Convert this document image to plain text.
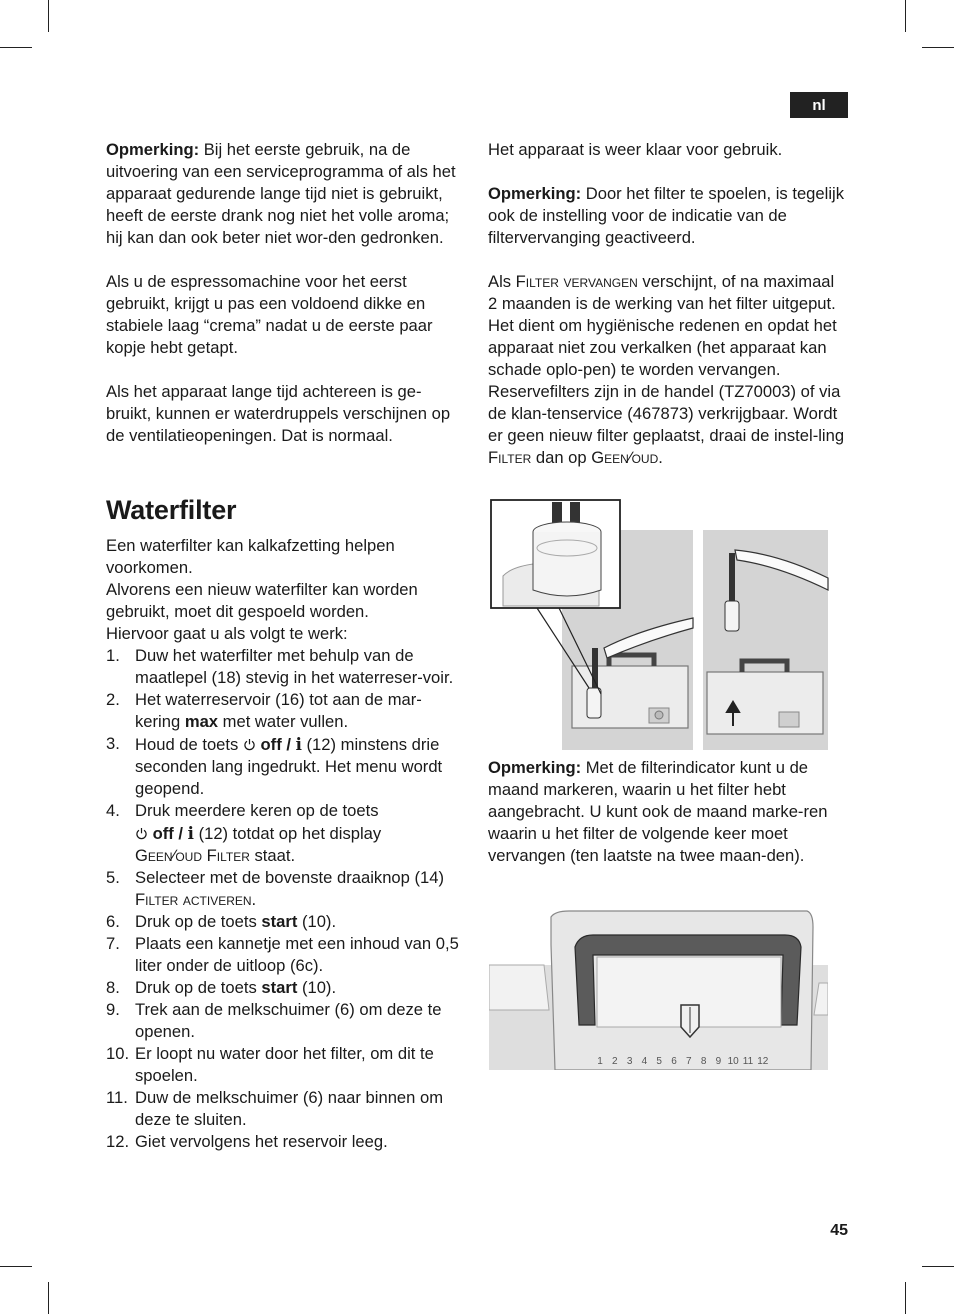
nl

Opmerking: Bij het eerste gebruik, na de uitvoering van een serviceprogramma of als het apparaat gedurende lange tijd niet is gebruikt, heeft de eerste drank nog niet het volle aroma; hij kan dan ook beter niet wor-den gedronken.

Als u de espressomachine voor het eerst gebruikt, krijgt u pas een voldoend dikke en stabiele laag “crema” nadat u de eerste paar kopje hebt getapt.

Als het apparaat lange tijd achtereen is ge-bruikt, kunnen er waterdruppels verschijnen op de ventilatieopeningen. Dat is normaal.

Waterfilter

Een waterfilter kan kalkafzetting helpen voorkomen.

Alvorens een nieuw waterfilter kan worden gebruikt, moet dit gespoeld worden.

Hiervoor gaat u als volgt te werk:

1. Duw het waterfilter met behulp van de maatlepel (18) stevig in het waterreser-voir.
2. Het waterreservoir (16) tot aan de mar-kering max met water vullen.
3. Houd de toets  off / i (12) minstens drie seconden lang ingedrukt. Het menu wordt geopend.
4. Druk meerdere keren op de toets
off / i (12) totdat op het display
Geen∕oud Filter staat.
5. Selecteer met de bovenste draaiknop (14) Filter activeren.
6. Druk op de toets start (10).
7. Plaats een kannetje met een inhoud van 0,5 liter onder de uitloop (6c).
8. Druk op de toets start (10).
9. Trek aan de melkschuimer (6) om deze te openen.
10. Er loopt nu water door het filter, om dit te spoelen.
11. Duw de melkschuimer (6) naar binnen om deze te sluiten.
12. Giet vervolgens het reservoir leeg.

Het apparaat is weer klaar voor gebruik.

Opmerking: Door het filter te spoelen, is tegelijk ook de instelling voor de indicatie van de filtervervanging geactiveerd.

Als Filter vervangen verschijnt, of na maximaal 2 maanden is de werking van het filter uitgeput. Het dient om hygiënische redenen en opdat het apparaat niet zou verkalken (het apparaat kan schade oplo-pen) te worden vervangen. Reservefilters zijn in de handel (TZ70003) of via de klan-tenservice (467873) verkrijgbaar. Wordt er geen nieuw filter geplaatst, draai de instel-ling Filter dan op Geen∕oud.

Opmerking: Met de filterindicator kunt u de maand markeren, waarin u het filter hebt aangebracht. U kunt ook de maand marke-ren waarin u het filter de volgende keer moet vervangen (ten laatste na twee maan-den).

1 2 3 4 5 6 7 8 9 10 11 12
45
